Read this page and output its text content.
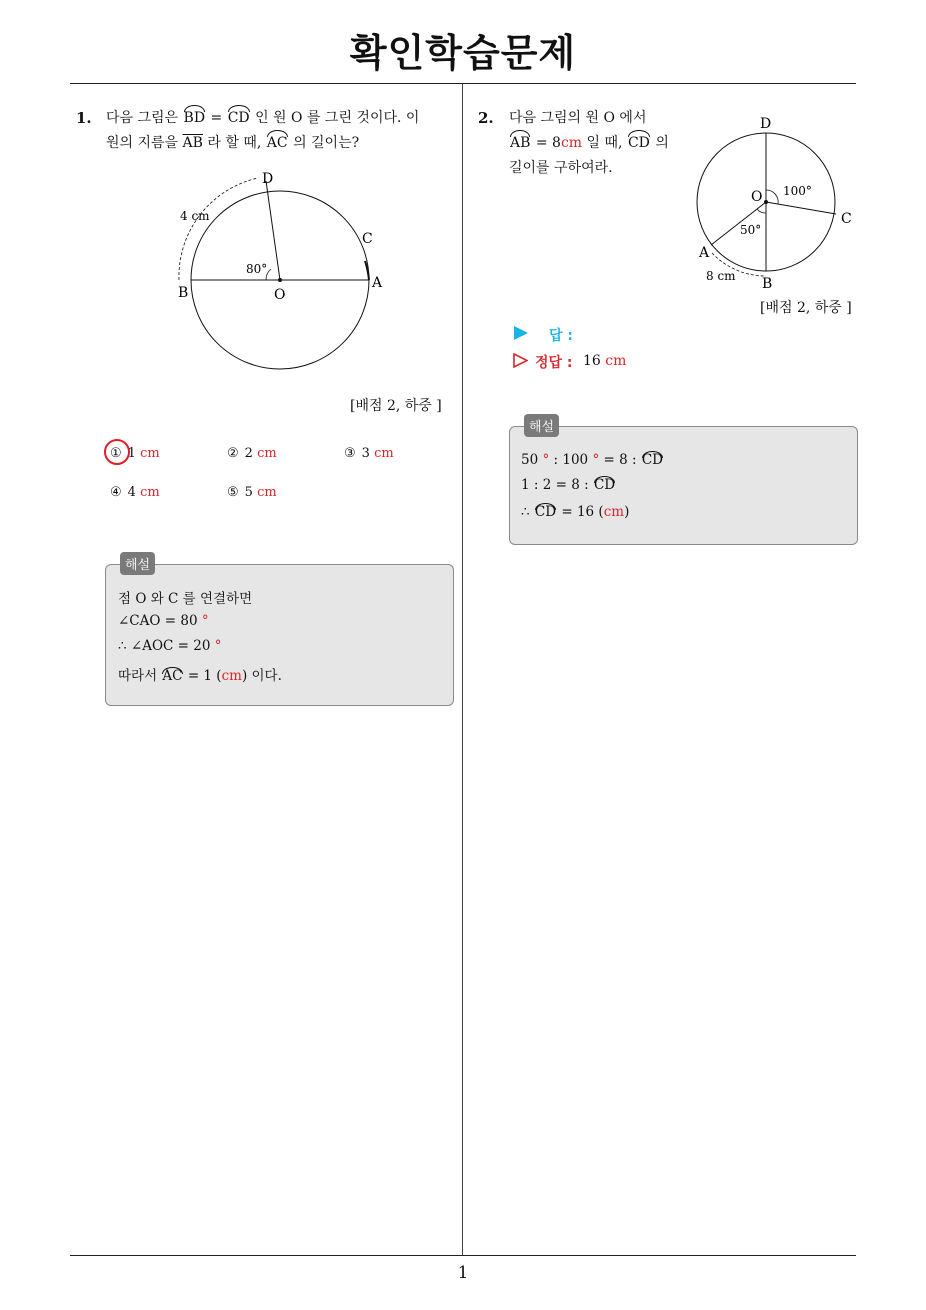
확인학습문제
1. 다음 그림은 BD = CD 인 원 O 를 그린 것이다. 이
원의 지름을 $\overline{AB}$ 라 할 때, AC 의 길이는?
D
C
B
A
O
4 cm
80°
[배점 2, 하중 ]
① 1 cm	② 2 cm	③ 3 cm
④ 4 cm	⑤ 5 cm
해설
점 O 와 C 를 연결하면
∠CAO = 80 °
∴ ∠AOC = 20 °
따라서 AC = 1 (cm) 이다.
2. 다음 그림의 원 O 에서
AB = 8cm 일 때, CD 의
길이를 구하여라.
D
O
C
A
B
100°
50°
8 cm
[배점 2, 하중 ]
답 :
정답 : 16 cm
해설
50 ° : 100 ° = 8 : CD
1 : 2 = 8 : CD
∴ CD = 16 (cm)
1
